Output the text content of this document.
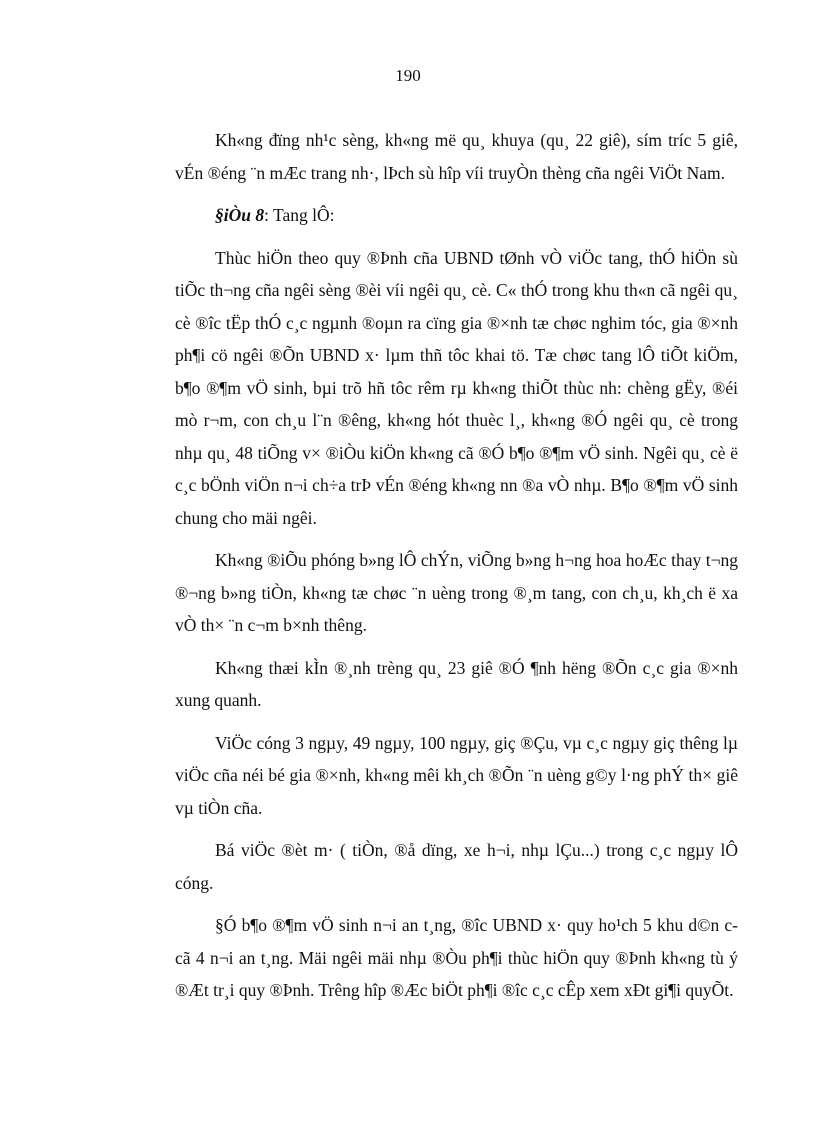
190

Kh«ng đïng nh¹c sèng, kh«ng më qu¸ khuya (qu¸ 22 giê), sím tríc 5 giê, vÉn ®éng ¨n mÆc trang nh·, lÞch sù hîp víi truyÒn thèng cña ngêi ViÖt Nam.

§iÒu 8: Tang lÔ:

Thùc hiÖn theo quy ®Þnh cña UBND tØnh vÒ viÖc tang, thÓ hiÖn sù tiÕc th¬ng cña ngêi sèng ®èi víi ngêi qu¸ cè. C« thÓ trong khu th«n cã ngêi qu¸ cè ®îc tËp thÓ c¸c ngµnh ®oµn ra cïng gia ®×nh tæ chøc nghim tóc, gia ®×nh ph¶i cö ngêi ®Õn UBND x· lµm thñ tôc khai tö. Tæ chøc tang lÔ tiÕt kiÖm, b¶o ®¶m vÖ sinh, bµi trõ hñ tôc rêm rµ kh«ng thiÕt thùc nh: chèng gËy, ®éi mò r¬m, con ch¸u l¨n ®êng, kh«ng hót thuèc l¸, kh«ng ®Ó ngêi qu¸ cè trong nhµ qu¸ 48 tiÕng v× ®iÒu kiÖn kh«ng cã ®Ó b¶o ®¶m vÖ sinh. Ngêi qu¸ cè ë c¸c bÖnh viÖn n¬i ch÷a trÞ vÉn ®éng kh«ng nn ®a vÒ nhµ. B¶o ®¶m vÖ sinh chung cho mäi ngêi.

Kh«ng ®iÕu phóng b»ng lÔ chÝn, viÕng b»ng h¬ng hoa hoÆc thay t¬ng ®¬ng b»ng tiÒn, kh«ng tæ chøc ¨n uèng trong ®¸m tang, con ch¸u, kh¸ch ë xa vÒ th× ¨n c¬m b×nh thêng.

Kh«ng thæi kÌn ®¸nh trèng qu¸ 23 giê ®Ó ¶nh hëng ®Õn c¸c gia ®×nh xung quanh.

ViÖc cóng 3 ngµy, 49 ngµy, 100 ngµy, giç ®Çu, vµ c¸c ngµy giç thêng lµ viÖc cña néi bé gia ®×nh, kh«ng mêi kh¸ch ®Õn ¨n uèng g©y l·ng phÝ th× giê vµ tiÒn cña.

Bá viÖc ®èt m· ( tiÒn, ®å dïng, xe h¬i, nhµ lÇu...) trong c¸c ngµy lÔ cóng.

§Ó b¶o ®¶m vÖ sinh n¬i an t¸ng, ®îc UBND x· quy ho¹ch 5 khu d©n c cã 4 n¬i an t¸ng. Mäi ngêi mäi nhµ ®Òu ph¶i thùc hiÖn quy ®Þnh kh«ng tù ý ®Æt tr¸i quy ®Þnh. Trêng hîp ®Æc biÖt ph¶i ®îc c¸c cÊp xem xÐt gi¶i quyÕt.
